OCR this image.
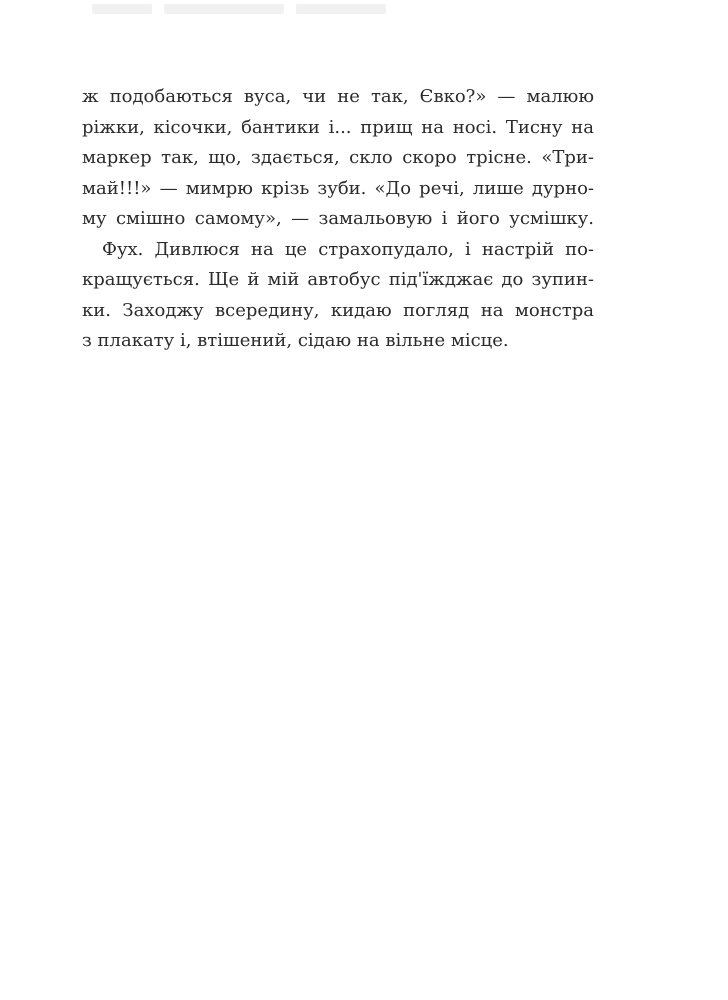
ж подобаються вуса, чи не так, Євко?» — малюю
ріжки, кісочки, бантики і... прищ на носі. Тисну на
маркер так, що, здається, скло скоро трісне. «Три-
май!!!» — мимрю крізь зуби. «До речі, лише дурно-
му смішно самому», — замальовую і його усмішку.
Фух. Дивлюся на це страхопудало, і настрій по-
кращується. Ще й мій автобус під'їжджає до зупин-
ки. Заходжу всередину, кидаю погляд на монстра
з плакату і, втішений, сідаю на вільне місце.
